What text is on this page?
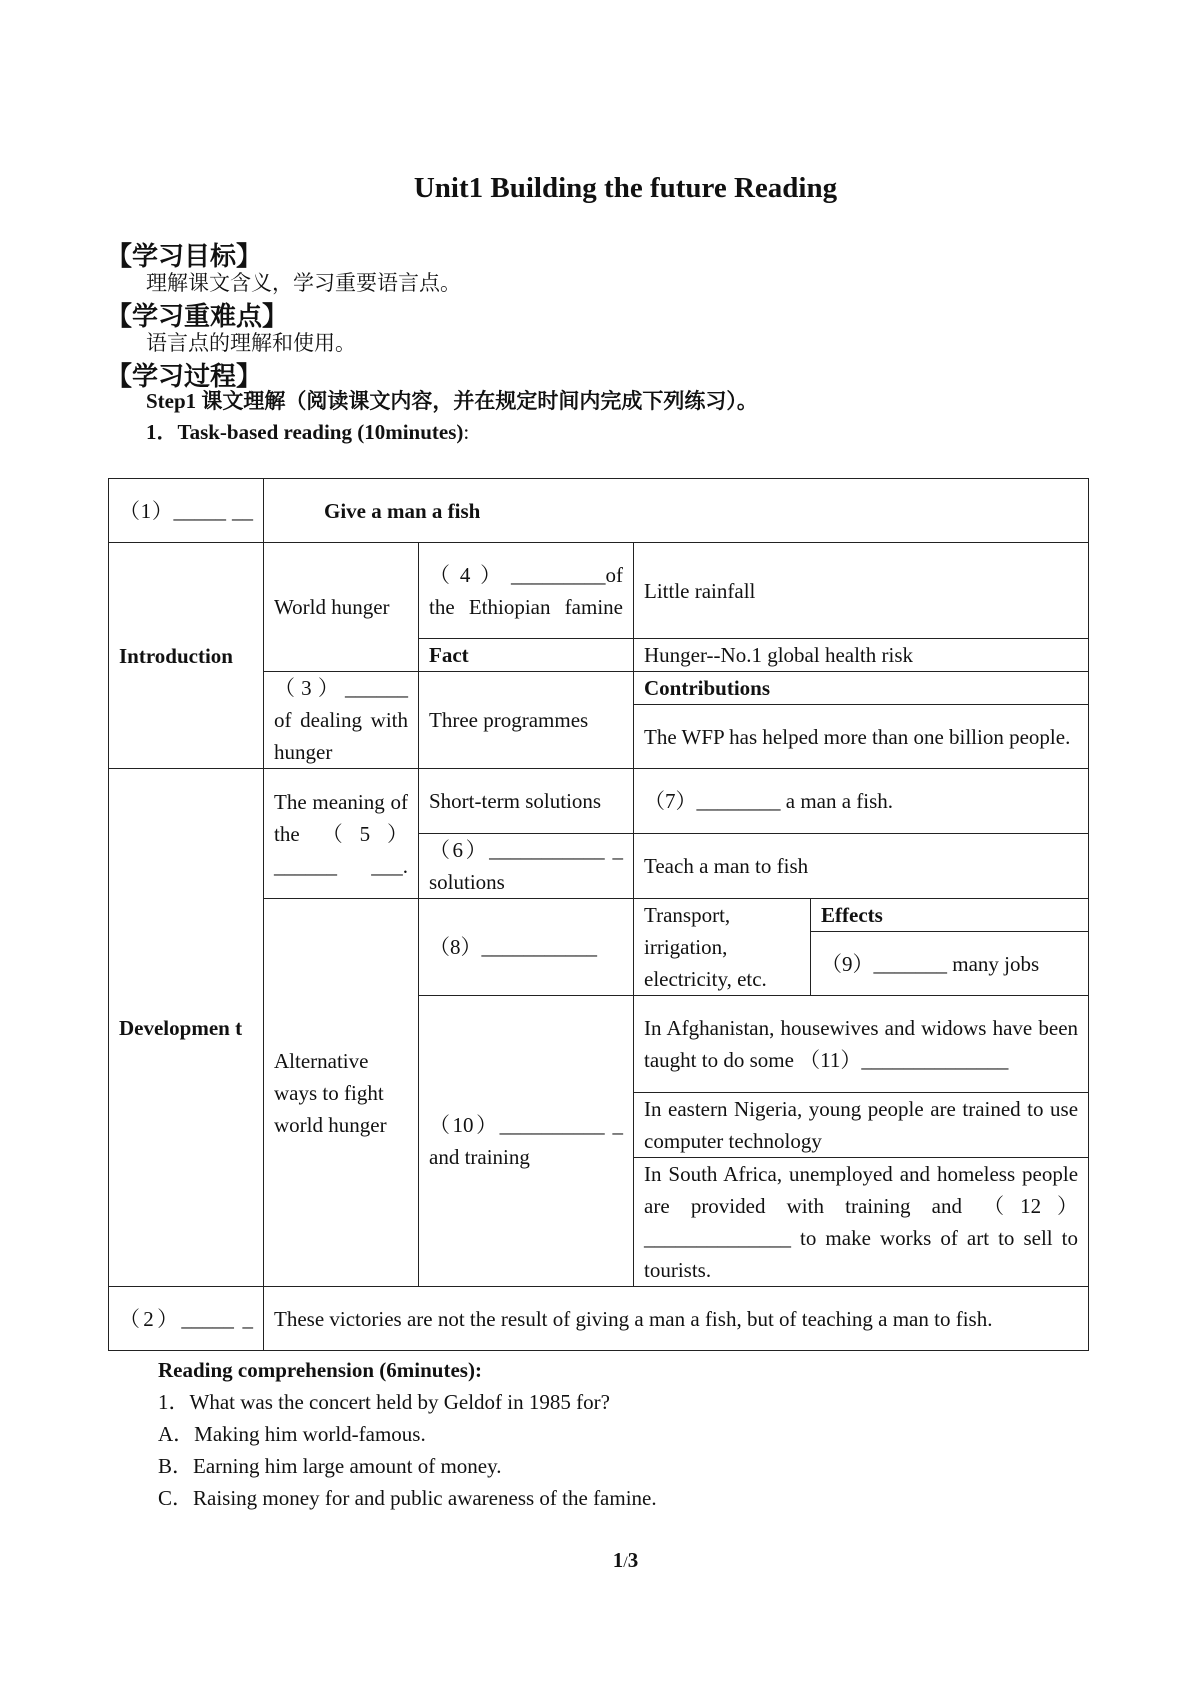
Unit1 Building the future Reading
【学习目标】
理解课文含义，学习重要语言点。
【学习重难点】
语言点的理解和使用。
【学习过程】
Step1 课文理解（阅读课文内容，并在规定时间内完成下列练习）。
1．Task-based reading (10minutes):
（1）_____ __	Give a man a fish			
Introduction	World hunger	（4）_________of the Ethiopian famine	Little rainfall	
		Fact	Hunger--No.1 global health risk	
	（3）______ of dealing with hunger	Three programmes	Contributions	
			The WFP has helped more than one billion people.	
Developmen t	The meaning of the （5）______ ___.	Short-term solutions	（7）________ a man a fish.	
		（6）___________ _ solutions	Teach a man to fish	
	Alternative ways to fight world hunger	（8）___________	Transport, irrigation, electricity, etc.	Effects
				（9）_______ many jobs
		（10）__________ _ and training	In Afghanistan, housewives and widows have been taught to do some （11）______________	
			In eastern Nigeria, young people are trained to use computer technology	
			In South Africa, unemployed and homeless people are provided with training and （12）______________ to make works of art to sell to tourists.	
（2）_____ _	These victories are not the result of giving a man a fish, but of teaching a man to fish.			
Reading comprehension (6minutes):
1．What was the concert held by Geldof in 1985 for?
A．Making him world-famous.
B．Earning him large amount of money.
C．Raising money for and public awareness of the famine.
1/3
